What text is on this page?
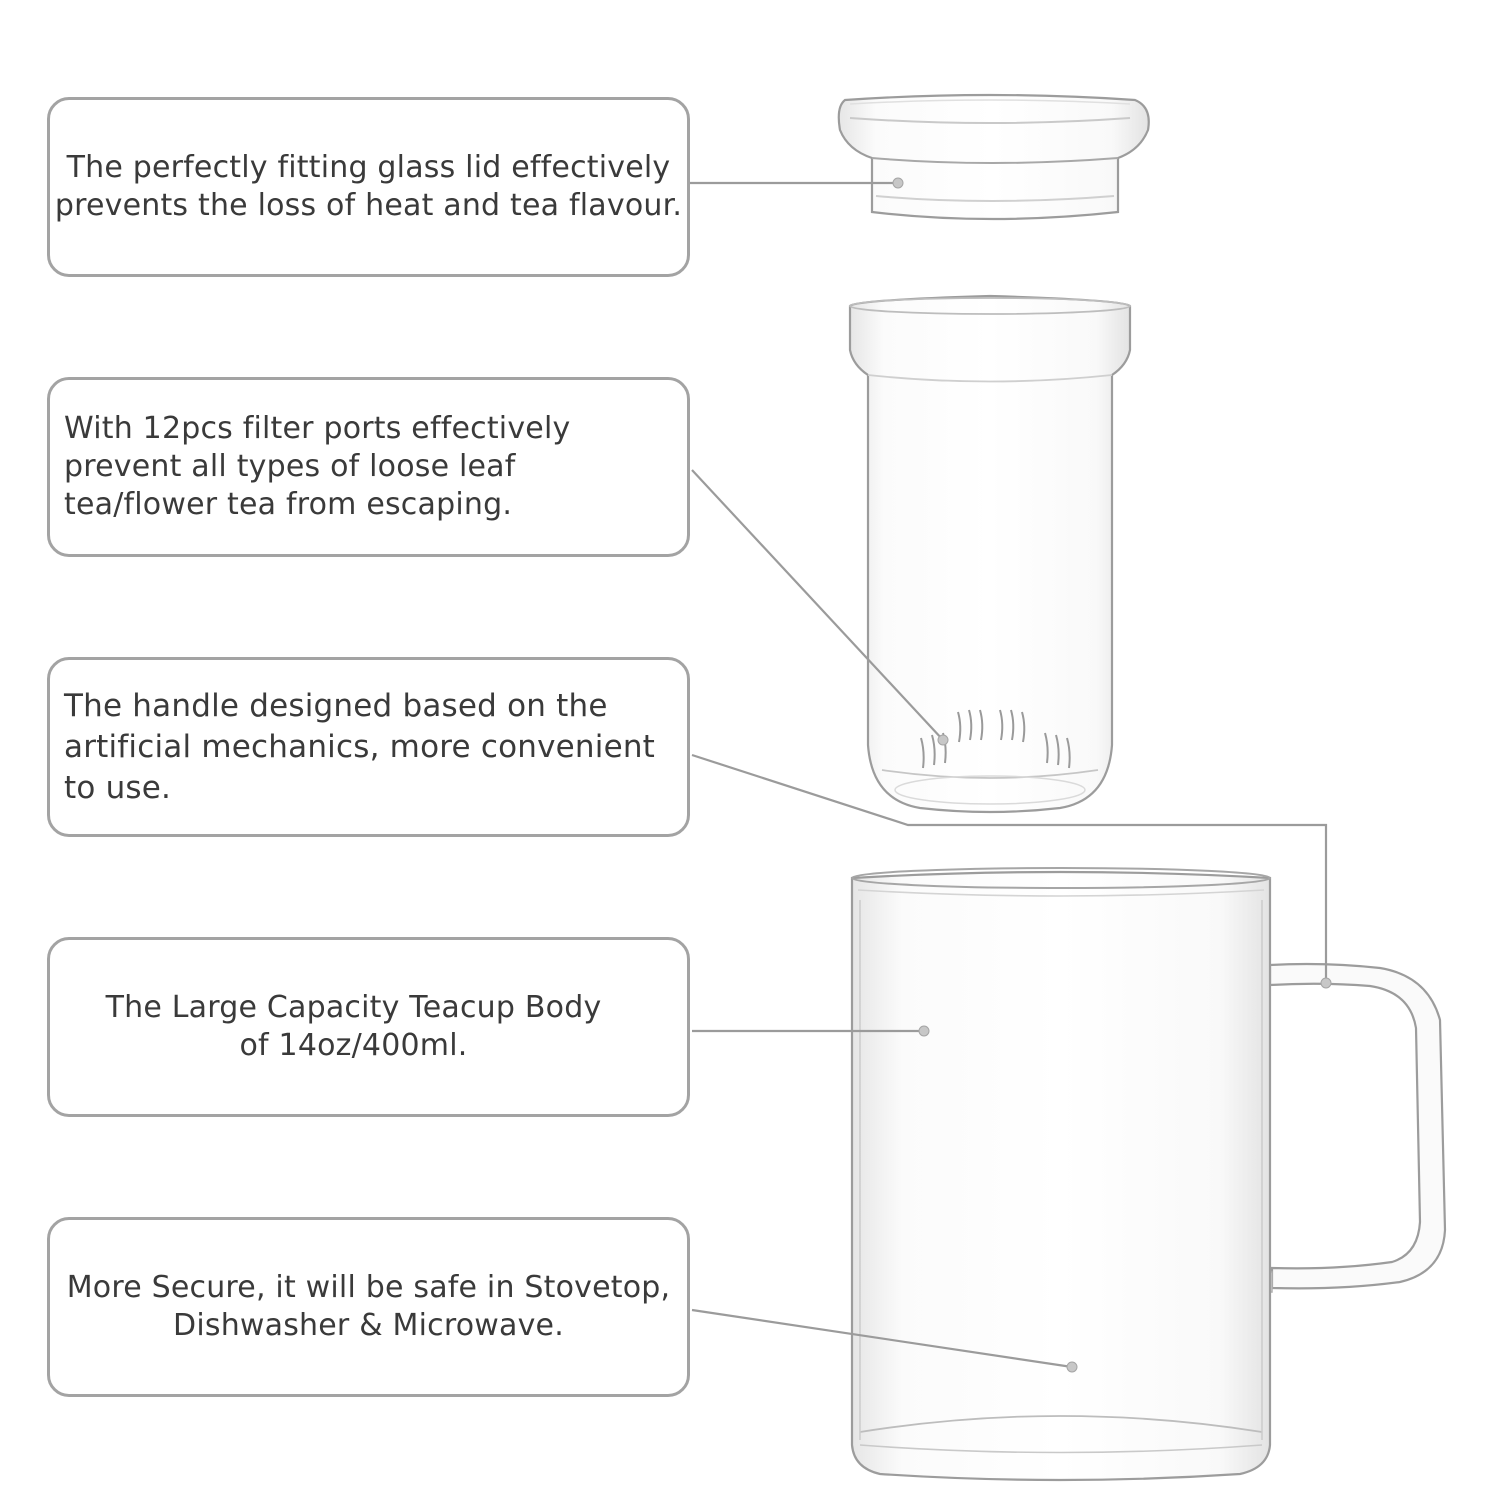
The perfectly fitting glass lid effectively prevents the loss of heat and tea flavour.
With 12pcs filter ports effectively prevent all types of loose leaf tea/flower tea from escaping.
The handle designed based on the artificial mechanics, more convenient to use.
The Large Capacity Teacup Body of 14oz/400ml.
More Secure, it will be safe in Stovetop, Dishwasher & Microwave.
